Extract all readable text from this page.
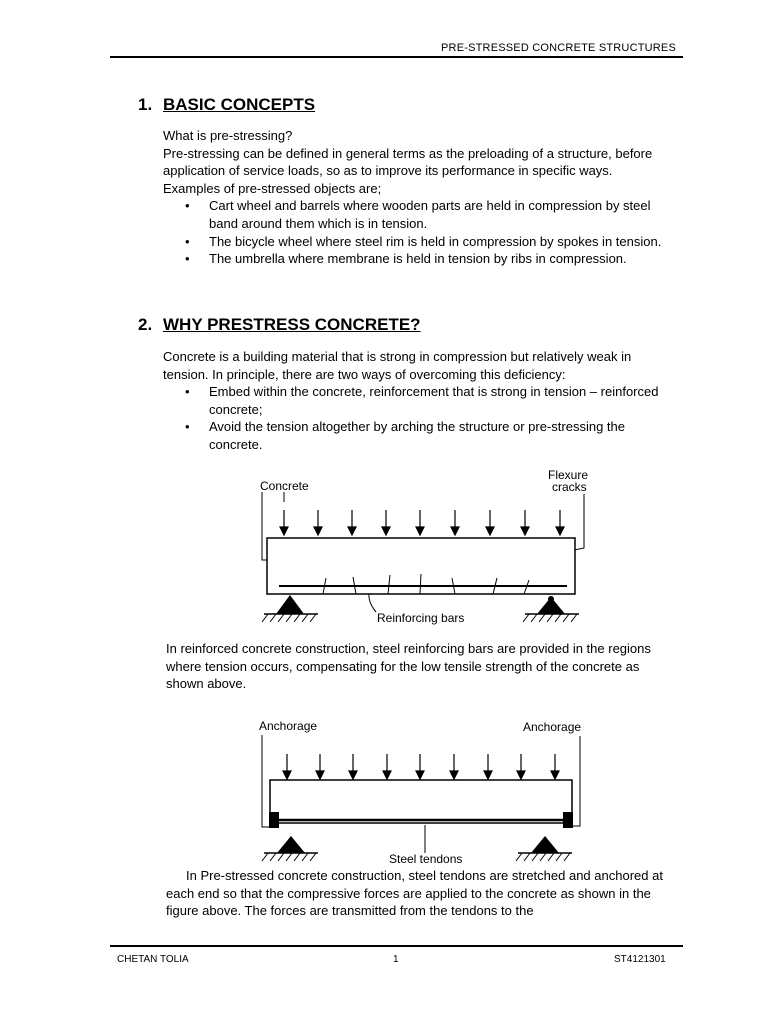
PRE-STRESSED CONCRETE STRUCTURES
1. BASIC CONCEPTS
What is pre-stressing?
Pre-stressing can be defined in general terms as the preloading of a structure, before application of service loads, so as to improve its performance in specific ways.
Examples of pre-stressed objects are;
• Cart wheel and barrels where wooden parts are held in compression by steel band around them which is in tension.
• The bicycle wheel where steel rim is held in compression by spokes in tension.
• The umbrella where membrane is held in tension by ribs in compression.
2. WHY PRESTRESS CONCRETE?
Concrete is a building material that is strong in compression but relatively weak in tension. In principle, there are two ways of overcoming this deficiency:
• Embed within the concrete, reinforcement that is strong in tension – reinforced concrete;
• Avoid the tension altogether by arching the structure or pre-stressing the concrete.
Concrete
Flexure
cracks
Reinforcing bars
Anchorage	Anchorage
Steel tendons
In reinforced concrete construction, steel reinforcing bars are provided in the regions where tension occurs, compensating for the low tensile strength of the concrete as shown above.
In Pre-stressed concrete construction, steel tendons are stretched and anchored at each end so that the compressive forces are applied to the concrete as shown in the figure above. The forces are transmitted from the tendons to the
CHETAN TOLIA	1	ST4121301
